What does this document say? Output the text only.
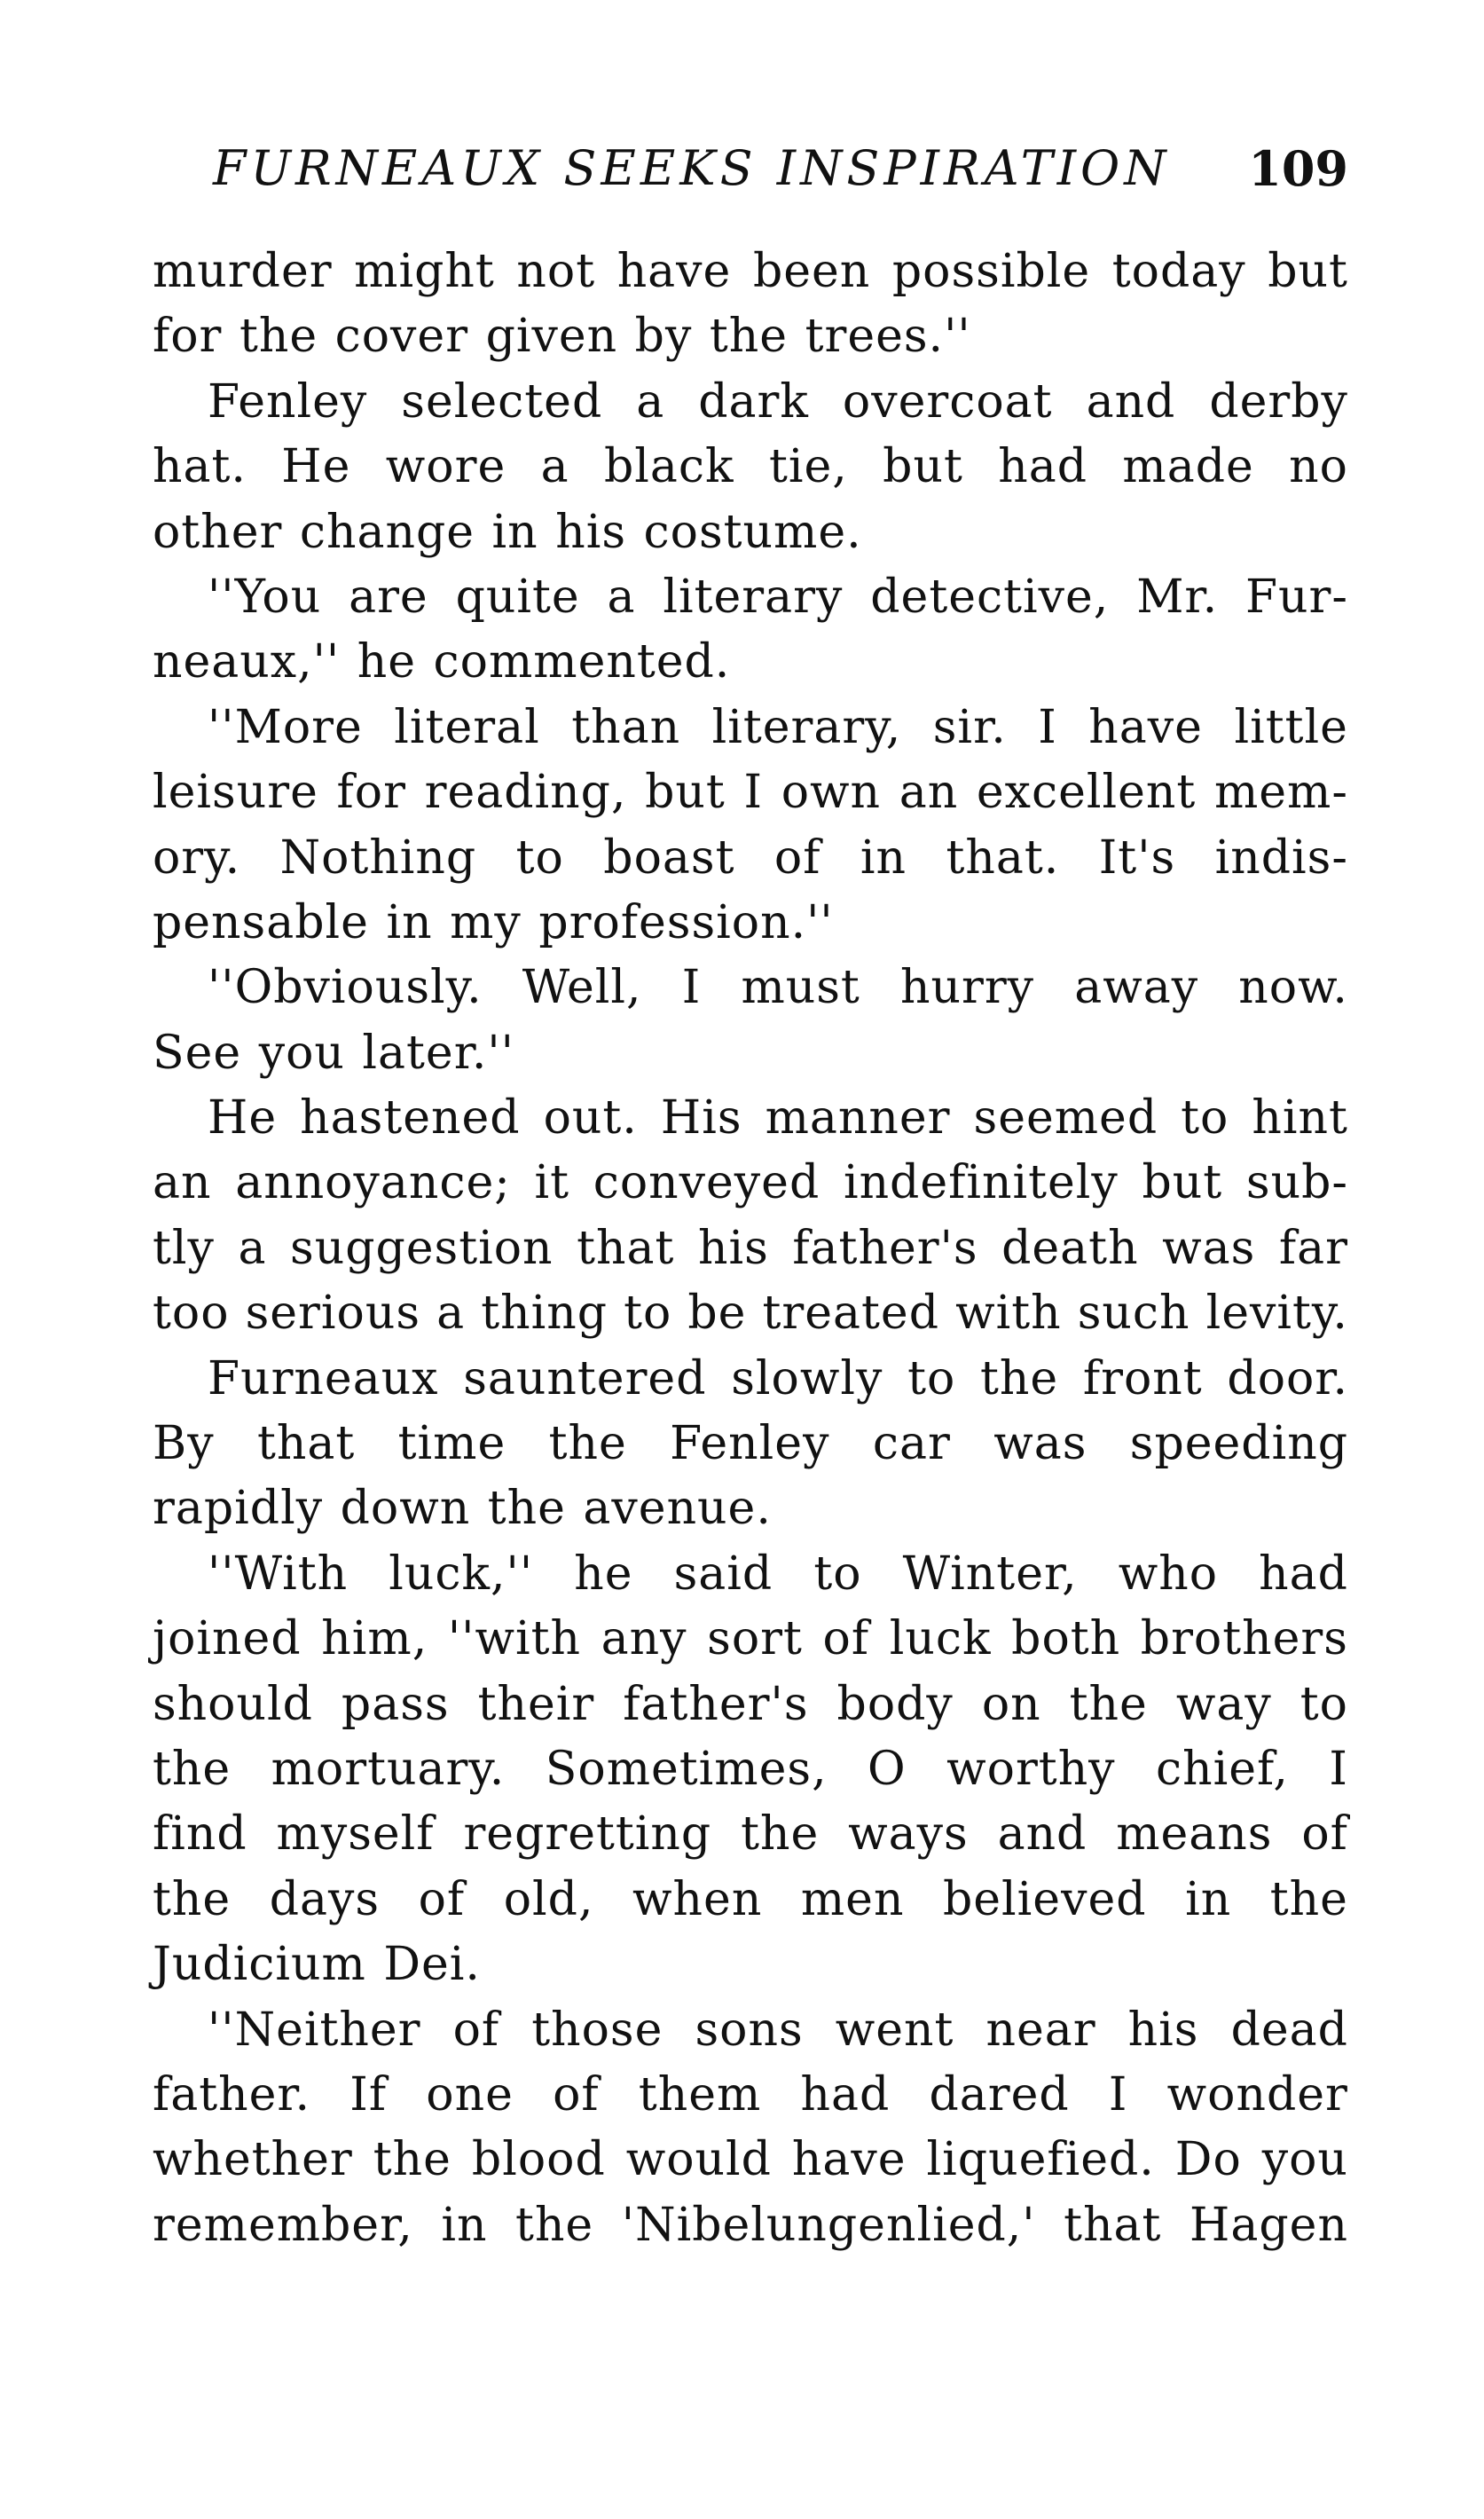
FURNEAUX SEEKS INSPIRATION 109
murder might not have been possible today but
for the cover given by the trees.''
Fenley selected a dark overcoat and derby
hat. He wore a black tie, but had made no
other change in his costume.
''You are quite a literary detective, Mr. Fur-
neaux,'' he commented.
''More literal than literary, sir. I have little
leisure for reading, but I own an excellent mem-
ory. Nothing to boast of in that. It's indis-
pensable in my profession.''
''Obviously. Well, I must hurry away now.
See you later.''
He hastened out. His manner seemed to hint
an annoyance; it conveyed indefinitely but sub-
tly a suggestion that his father's death was far
too serious a thing to be treated with such levity.
Furneaux sauntered slowly to the front door.
By that time the Fenley car was speeding
rapidly down the avenue.
''With luck,'' he said to Winter, who had
joined him, ''with any sort of luck both brothers
should pass their father's body on the way to
the mortuary. Sometimes, O worthy chief, I
find myself regretting the ways and means of
the days of old, when men believed in the
Judicium Dei.
''Neither of those sons went near his dead
father. If one of them had dared I wonder
whether the blood would have liquefied. Do you
remember, in the 'Nibelungenlied,' that Hagen
